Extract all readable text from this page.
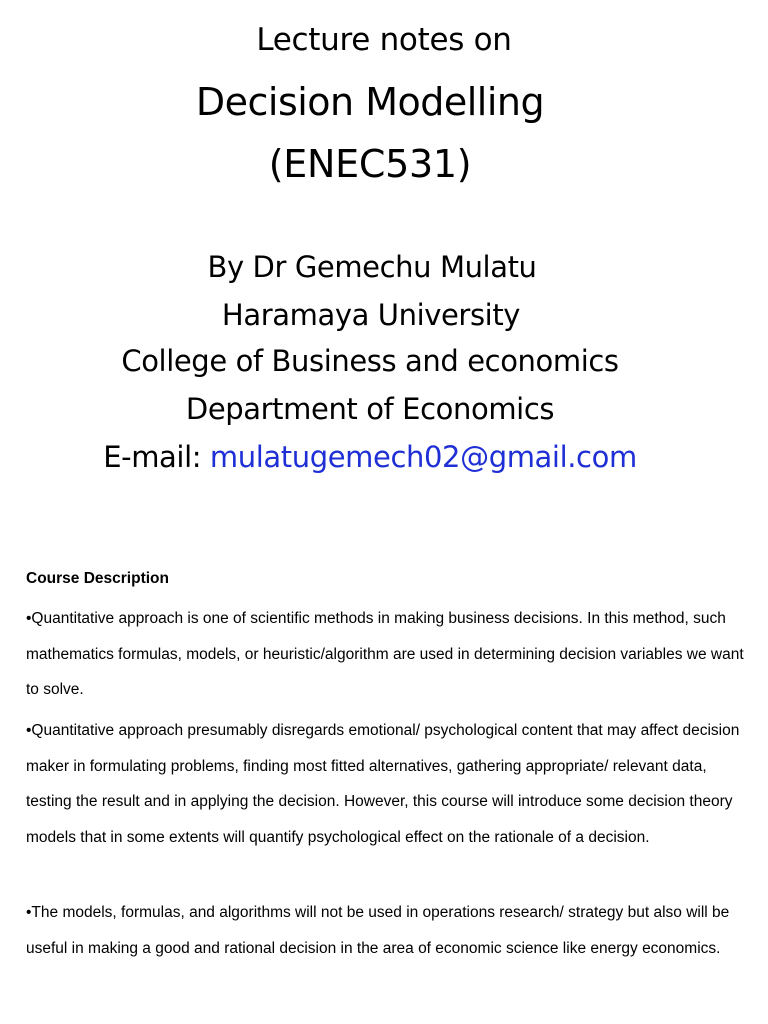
Lecture notes on
Decision Modelling
(ENEC531)
By Dr Gemechu Mulatu
Haramaya University
College of Business and economics
Department of Economics
E-mail: mulatugemech02@gmail.com
Course Description
•Quantitative approach is one of scientific methods in making business decisions. In this method, such mathematics formulas, models, or heuristic/algorithm are used in determining decision variables we want to solve.
•Quantitative approach presumably disregards emotional/ psychological content that may affect decision maker in formulating problems, finding most fitted alternatives, gathering appropriate/ relevant data, testing the result and in applying the decision. However, this course will introduce some decision theory models that in some extents will quantify psychological effect on the rationale of a decision.
•The models, formulas, and algorithms will not be used in operations research/ strategy but also will be useful in making a good and rational decision in the area of economic science like energy economics.
